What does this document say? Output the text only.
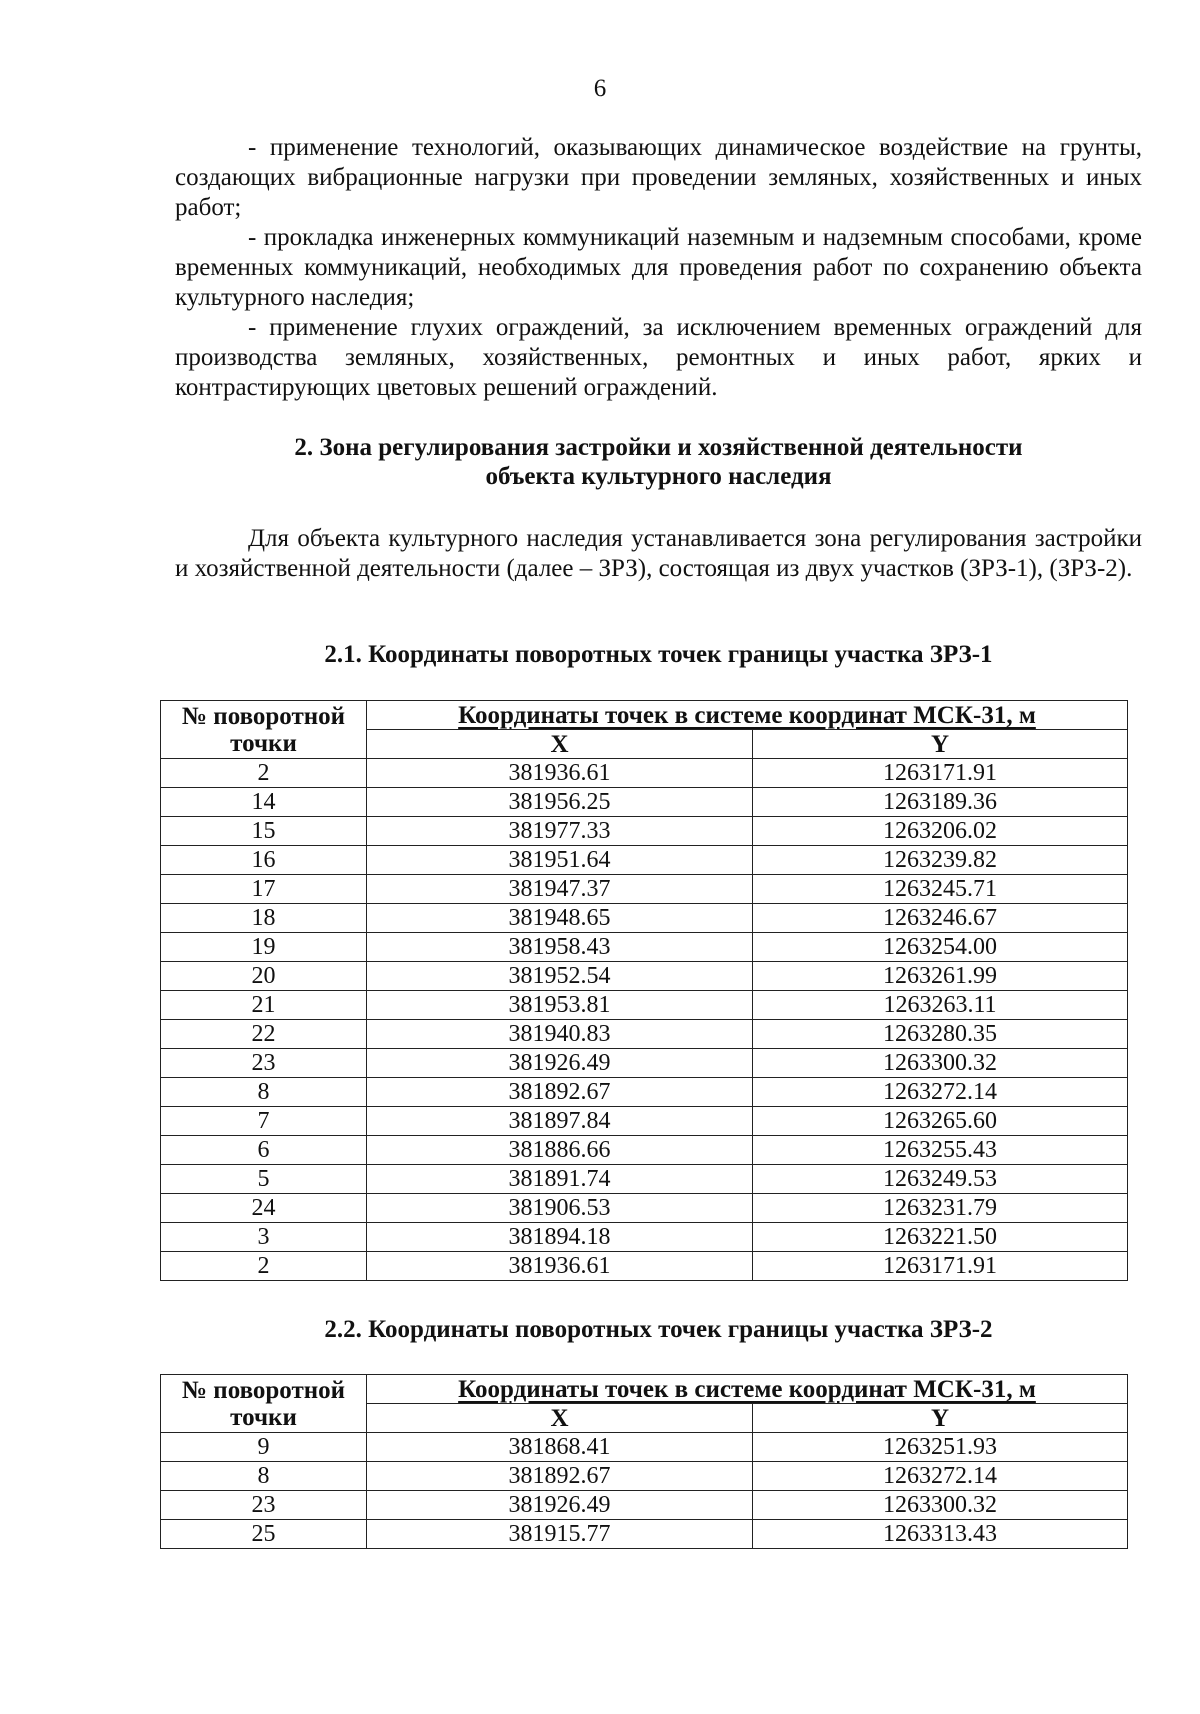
6

- применение технологий, оказывающих динамическое воздействие на грунты, создающих вибрационные нагрузки при проведении земляных, хозяйственных и иных работ;

- прокладка инженерных коммуникаций наземным и надземным способами, кроме временных коммуникаций, необходимых для проведения работ по сохранению объекта культурного наследия;

- применение глухих ограждений, за исключением временных ограждений для производства земляных, хозяйственных, ремонтных и иных работ, ярких и контрастирующих цветовых решений ограждений.

2. Зона регулирования застройки и хозяйственной деятельности
объекта культурного наследия

Для объекта культурного наследия устанавливается зона регулирования застройки и хозяйственной деятельности (далее – ЗРЗ), состоящая из двух участков (ЗРЗ-1), (ЗРЗ-2).

2.1. Координаты поворотных точек границы участка ЗРЗ-1
№ поворотной
точки	Координаты точек в системе координат МСК-31, м	
	X	Y
2	381936.61	1263171.91
14	381956.25	1263189.36
15	381977.33	1263206.02
16	381951.64	1263239.82
17	381947.37	1263245.71
18	381948.65	1263246.67
19	381958.43	1263254.00
20	381952.54	1263261.99
21	381953.81	1263263.11
22	381940.83	1263280.35
23	381926.49	1263300.32
8	381892.67	1263272.14
7	381897.84	1263265.60
6	381886.66	1263255.43
5	381891.74	1263249.53
24	381906.53	1263231.79
3	381894.18	1263221.50
2	381936.61	1263171.91
2.2. Координаты поворотных точек границы участка ЗРЗ-2
№ поворотной
точки	Координаты точек в системе координат МСК-31, м	
	X	Y
9	381868.41	1263251.93
8	381892.67	1263272.14
23	381926.49	1263300.32
25	381915.77	1263313.43
